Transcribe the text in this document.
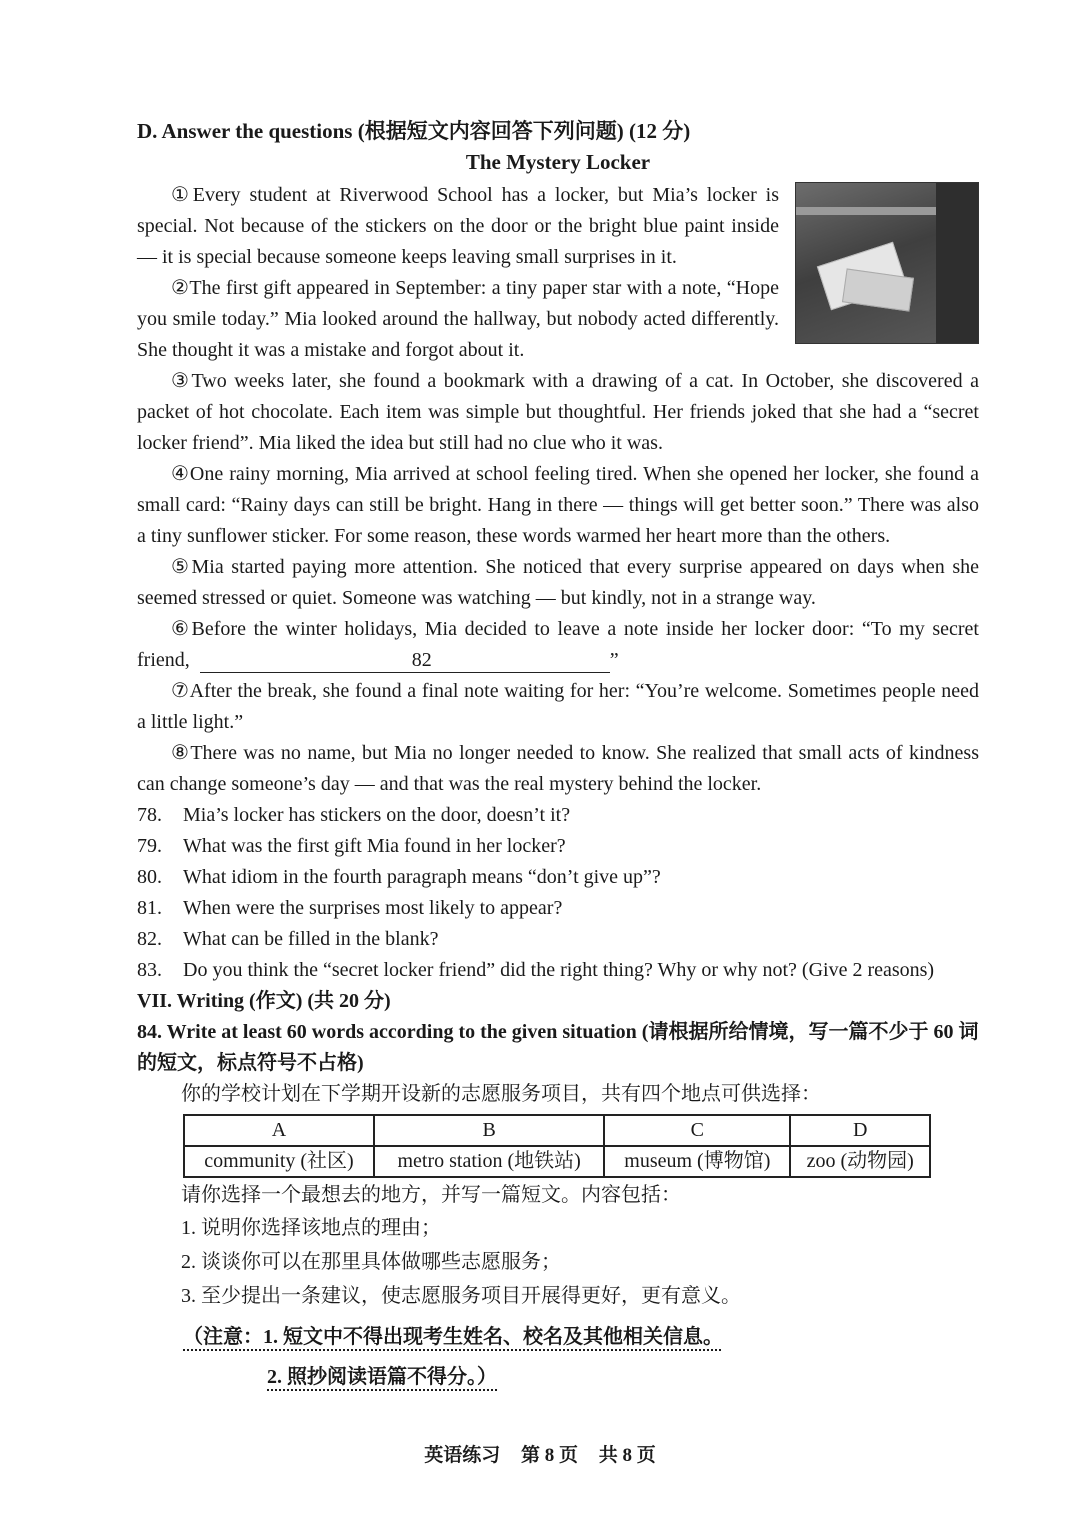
D. Answer the questions (根据短文内容回答下列问题) (12 分)

The Mystery Locker

①Every student at Riverwood School has a locker, but Mia’s locker is special. Not because of the stickers on the door or the bright blue paint inside — it is special because someone keeps leaving small surprises in it.

②The first gift appeared in September: a tiny paper star with a note, “Hope you smile today.” Mia looked around the hallway, but nobody acted differently. She thought it was a mistake and forgot about it.

③Two weeks later, she found a bookmark with a drawing of a cat. In October, she discovered a packet of hot chocolate. Each item was simple but thoughtful. Her friends joked that she had a “secret locker friend”. Mia liked the idea but still had no clue who it was.

④One rainy morning, Mia arrived at school feeling tired. When she opened her locker, she found a small card: “Rainy days can still be bright. Hang in there — things will get better soon.” There was also a tiny sunflower sticker. For some reason, these words warmed her heart more than the others.

⑤Mia started paying more attention. She noticed that every surprise appeared on days when she seemed stressed or quiet. Someone was watching — but kindly, not in a strange way.

⑥Before the winter holidays, Mia decided to leave a note inside her locker door: “To my secret friend,	82	”

⑦After the break, she found a final note waiting for her: “You’re welcome. Sometimes people need a little light.”

⑧There was no name, but Mia no longer needed to know. She realized that small acts of kindness can change someone’s day — and that was the real mystery behind the locker.

78.	Mia’s locker has stickers on the door, doesn’t it?
79.	What was the first gift Mia found in her locker?
80.	What idiom in the fourth paragraph means “don’t give up”?
81.	When were the surprises most likely to appear?
82.	What can be filled in the blank?
83.	Do you think the “secret locker friend” did the right thing? Why or why not? (Give 2 reasons)

VII. Writing (作文) (共 20 分)

84. Write at least 60 words according to the given situation (请根据所给情境，写一篇不少于 60 词的短文，标点符号不占格)

你的学校计划在下学期开设新的志愿服务项目，共有四个地点可供选择：

A	B	C	D
community (社区)	metro station (地铁站)	museum (博物馆)	zoo (动物园)

请你选择一个最想去的地方，并写一篇短文。内容包括：

1. 说明你选择该地点的理由；

2. 谈谈你可以在那里具体做哪些志愿服务；

3. 至少提出一条建议，使志愿服务项目开展得更好，更有意义。

（注意：1. 短文中不得出现考生姓名、校名及其他相关信息。

2. 照抄阅读语篇不得分。）

英语练习 第 8 页 共 8 页
